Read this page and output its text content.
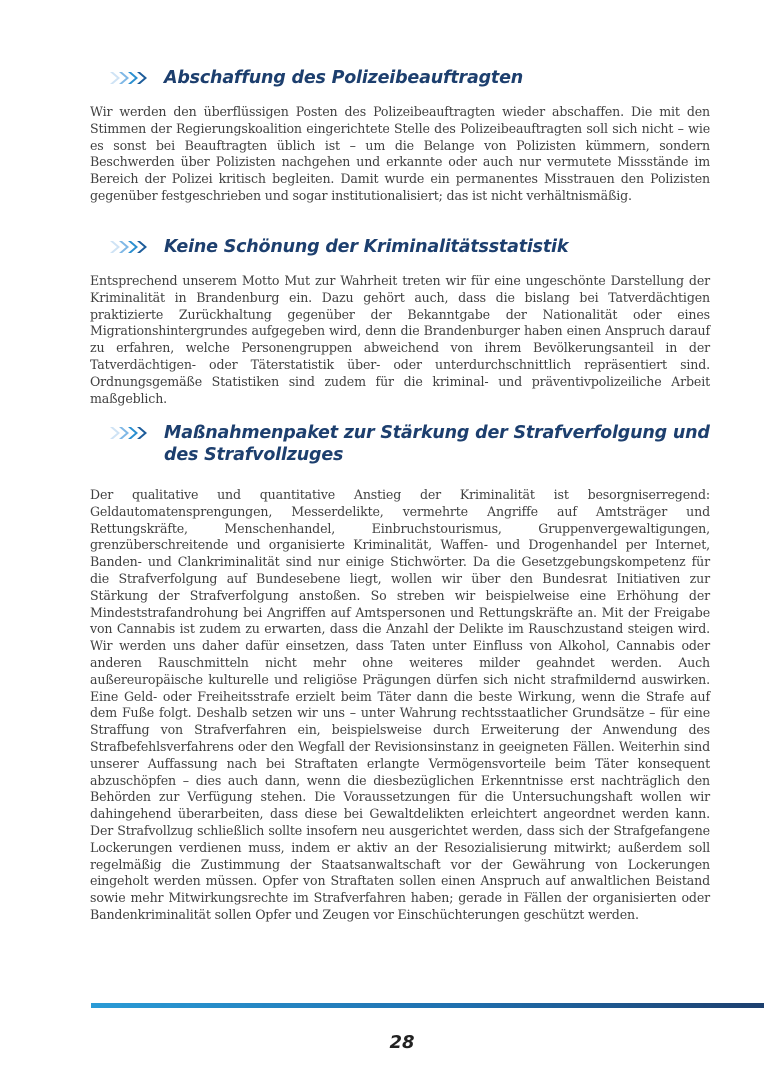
Abschaffung des Polizeibeauftragten

Wir werden den überflüssigen Posten des Polizeibeauftragten wieder abschaffen. Die mit den Stimmen der Regierungskoalition eingerichtete Stelle des Polizeibeauftragten soll sich nicht – wie es sonst bei Beauftragten üblich ist – um die Belange von Polizisten kümmern, sondern Beschwerden über Polizisten nachgehen und erkannte oder auch nur vermutete Missstände im Bereich der Polizei kritisch begleiten. Damit wurde ein permanentes Misstrauen den Polizisten gegenüber festgeschrieben und sogar institutionalisiert; das ist nicht verhältnismäßig.

Keine Schönung der Kriminalitätsstatistik

Entsprechend unserem Motto Mut zur Wahrheit treten wir für eine ungeschönte Darstellung der Kriminalität in Brandenburg ein. Dazu gehört auch, dass die bislang bei Tatverdächtigen praktizierte Zurückhaltung gegenüber der Bekanntgabe der Nationalität oder eines Migrationshintergrundes aufgegeben wird, denn die Brandenburger haben einen Anspruch darauf zu erfahren, welche Personengruppen abweichend von ihrem Bevölkerungsanteil in der Tatverdächtigen- oder Täterstatistik über- oder unterdurchschnittlich repräsentiert sind. Ordnungsgemäße Statistiken sind zudem für die kriminal- und präventivpolizeiliche Arbeit maßgeblich.

Maßnahmenpaket zur Stärkung der Strafverfolgung und des Strafvollzuges

Der qualitative und quantitative Anstieg der Kriminalität ist besorgniserregend: Geldautomatensprengungen, Messerdelikte, vermehrte Angriffe auf Amtsträger und Rettungskräfte, Menschenhandel, Einbruchstourismus, Gruppenvergewaltigungen, grenzüberschreitende und organisierte Kriminalität, Waffen- und Drogenhandel per Internet, Banden- und Clankriminalität sind nur einige Stichwörter. Da die Gesetzgebungskompetenz für die Strafverfolgung auf Bundesebene liegt, wollen wir über den Bundesrat Initiativen zur Stärkung der Strafverfolgung anstoßen. So streben wir beispielweise eine Erhöhung der Mindeststrafandrohung bei Angriffen auf Amtspersonen und Rettungskräfte an. Mit der Freigabe von Cannabis ist zudem zu erwarten, dass die Anzahl der Delikte im Rauschzustand steigen wird. Wir werden uns daher dafür einsetzen, dass Taten unter Einfluss von Alkohol, Cannabis oder anderen Rauschmitteln nicht mehr ohne weiteres milder geahndet werden. Auch außereuropäische kulturelle und religiöse Prägungen dürfen sich nicht strafmildernd auswirken. Eine Geld- oder Freiheitsstrafe erzielt beim Täter dann die beste Wirkung, wenn die Strafe auf dem Fuße folgt. Deshalb setzen wir uns – unter Wahrung rechtsstaatlicher Grundsätze – für eine Straffung von Strafverfahren ein, beispielsweise durch Erweiterung der Anwendung des Strafbefehlsverfahrens oder den Wegfall der Revisionsinstanz in geeigneten Fällen. Weiterhin sind unserer Auffassung nach bei Straftaten erlangte Vermögensvorteile beim Täter konsequent abzuschöpfen – dies auch dann, wenn die diesbezüglichen Erkenntnisse erst nachträglich den Behörden zur Verfügung stehen. Die Voraussetzungen für die Untersuchungshaft wollen wir dahingehend überarbeiten, dass diese bei Gewaltdelikten erleichtert angeordnet werden kann. Der Strafvollzug schließlich sollte insofern neu ausgerichtet werden, dass sich der Strafgefangene Lockerungen verdienen muss, indem er aktiv an der Resozialisierung mitwirkt; außerdem soll regelmäßig die Zustimmung der Staatsanwaltschaft vor der Gewährung von Lockerungen eingeholt werden müssen. Opfer von Straftaten sollen einen Anspruch auf anwaltlichen Beistand sowie mehr Mitwirkungsrechte im Strafverfahren haben; gerade in Fällen der organisierten oder Bandenkriminalität sollen Opfer und Zeugen vor Einschüchterungen geschützt werden.

28
